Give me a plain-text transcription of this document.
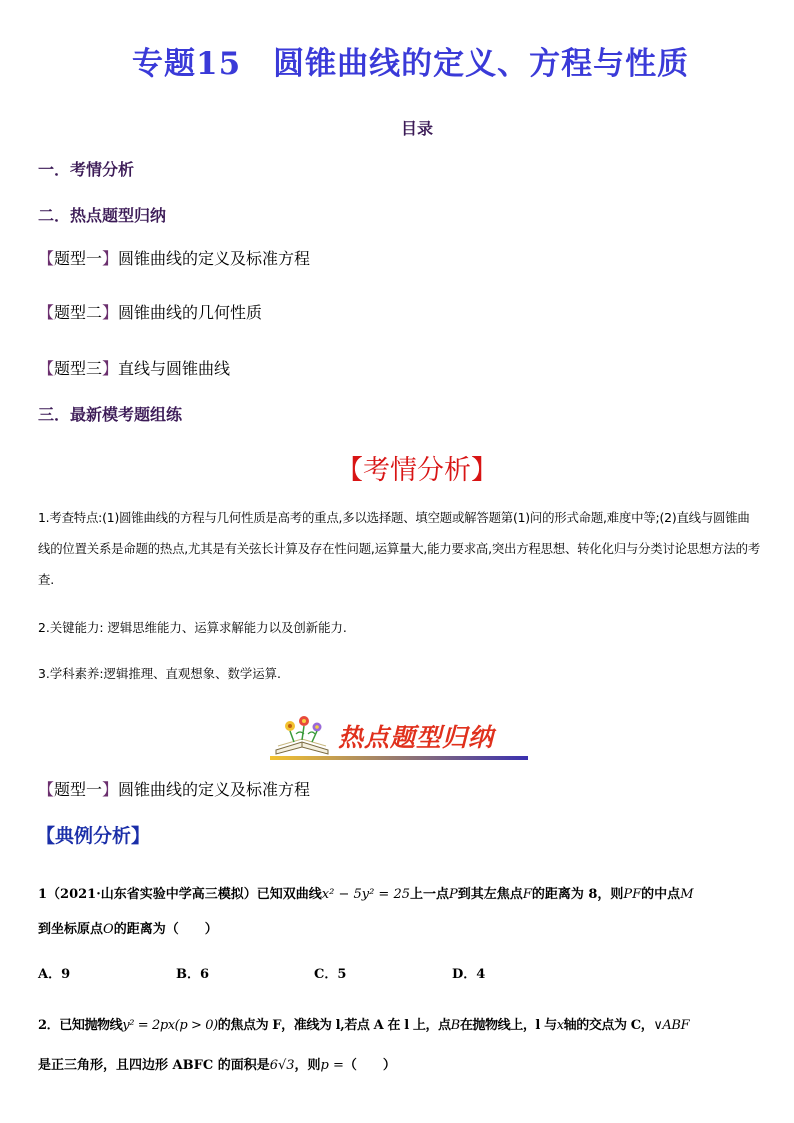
专题15　圆锥曲线的定义、方程与性质
目录
一．考情分析
二．热点题型归纳
【题型一】圆锥曲线的定义及标准方程
【题型二】圆锥曲线的几何性质
【题型三】直线与圆锥曲线
三．最新模考题组练
【考情分析】
1.考查特点:(1)圆锥曲线的方程与几何性质是高考的重点,多以选择题、填空题或解答题第(1)问的形式命题,难度中等;(2)直线与圆锥曲线的位置关系是命题的热点,尤其是有关弦长计算及存在性问题,运算量大,能力要求高,突出方程思想、转化化归与分类讨论思想方法的考查.
2.关键能力: 逻辑思维能力、运算求解能力以及创新能力.
3.学科素养:逻辑推理、直观想象、数学运算.
热点题型归纳
【题型一】圆锥曲线的定义及标准方程
【典例分析】
1（2021·山东省实验中学高三模拟）已知双曲线x² − 5y² = 25上一点P到其左焦点F的距离为 8，则PF的中点M
到坐标原点O的距离为（　　）
A．9	B．6	C．5	D．4
2．已知抛物线y² = 2px(p > 0)的焦点为 F，准线为 l,若点 A 在 l 上，点B在抛物线上，l 与x轴的交点为 C，∨ABF
是正三角形，且四边形 ABFC 的面积是6√3，则p =（　　）
